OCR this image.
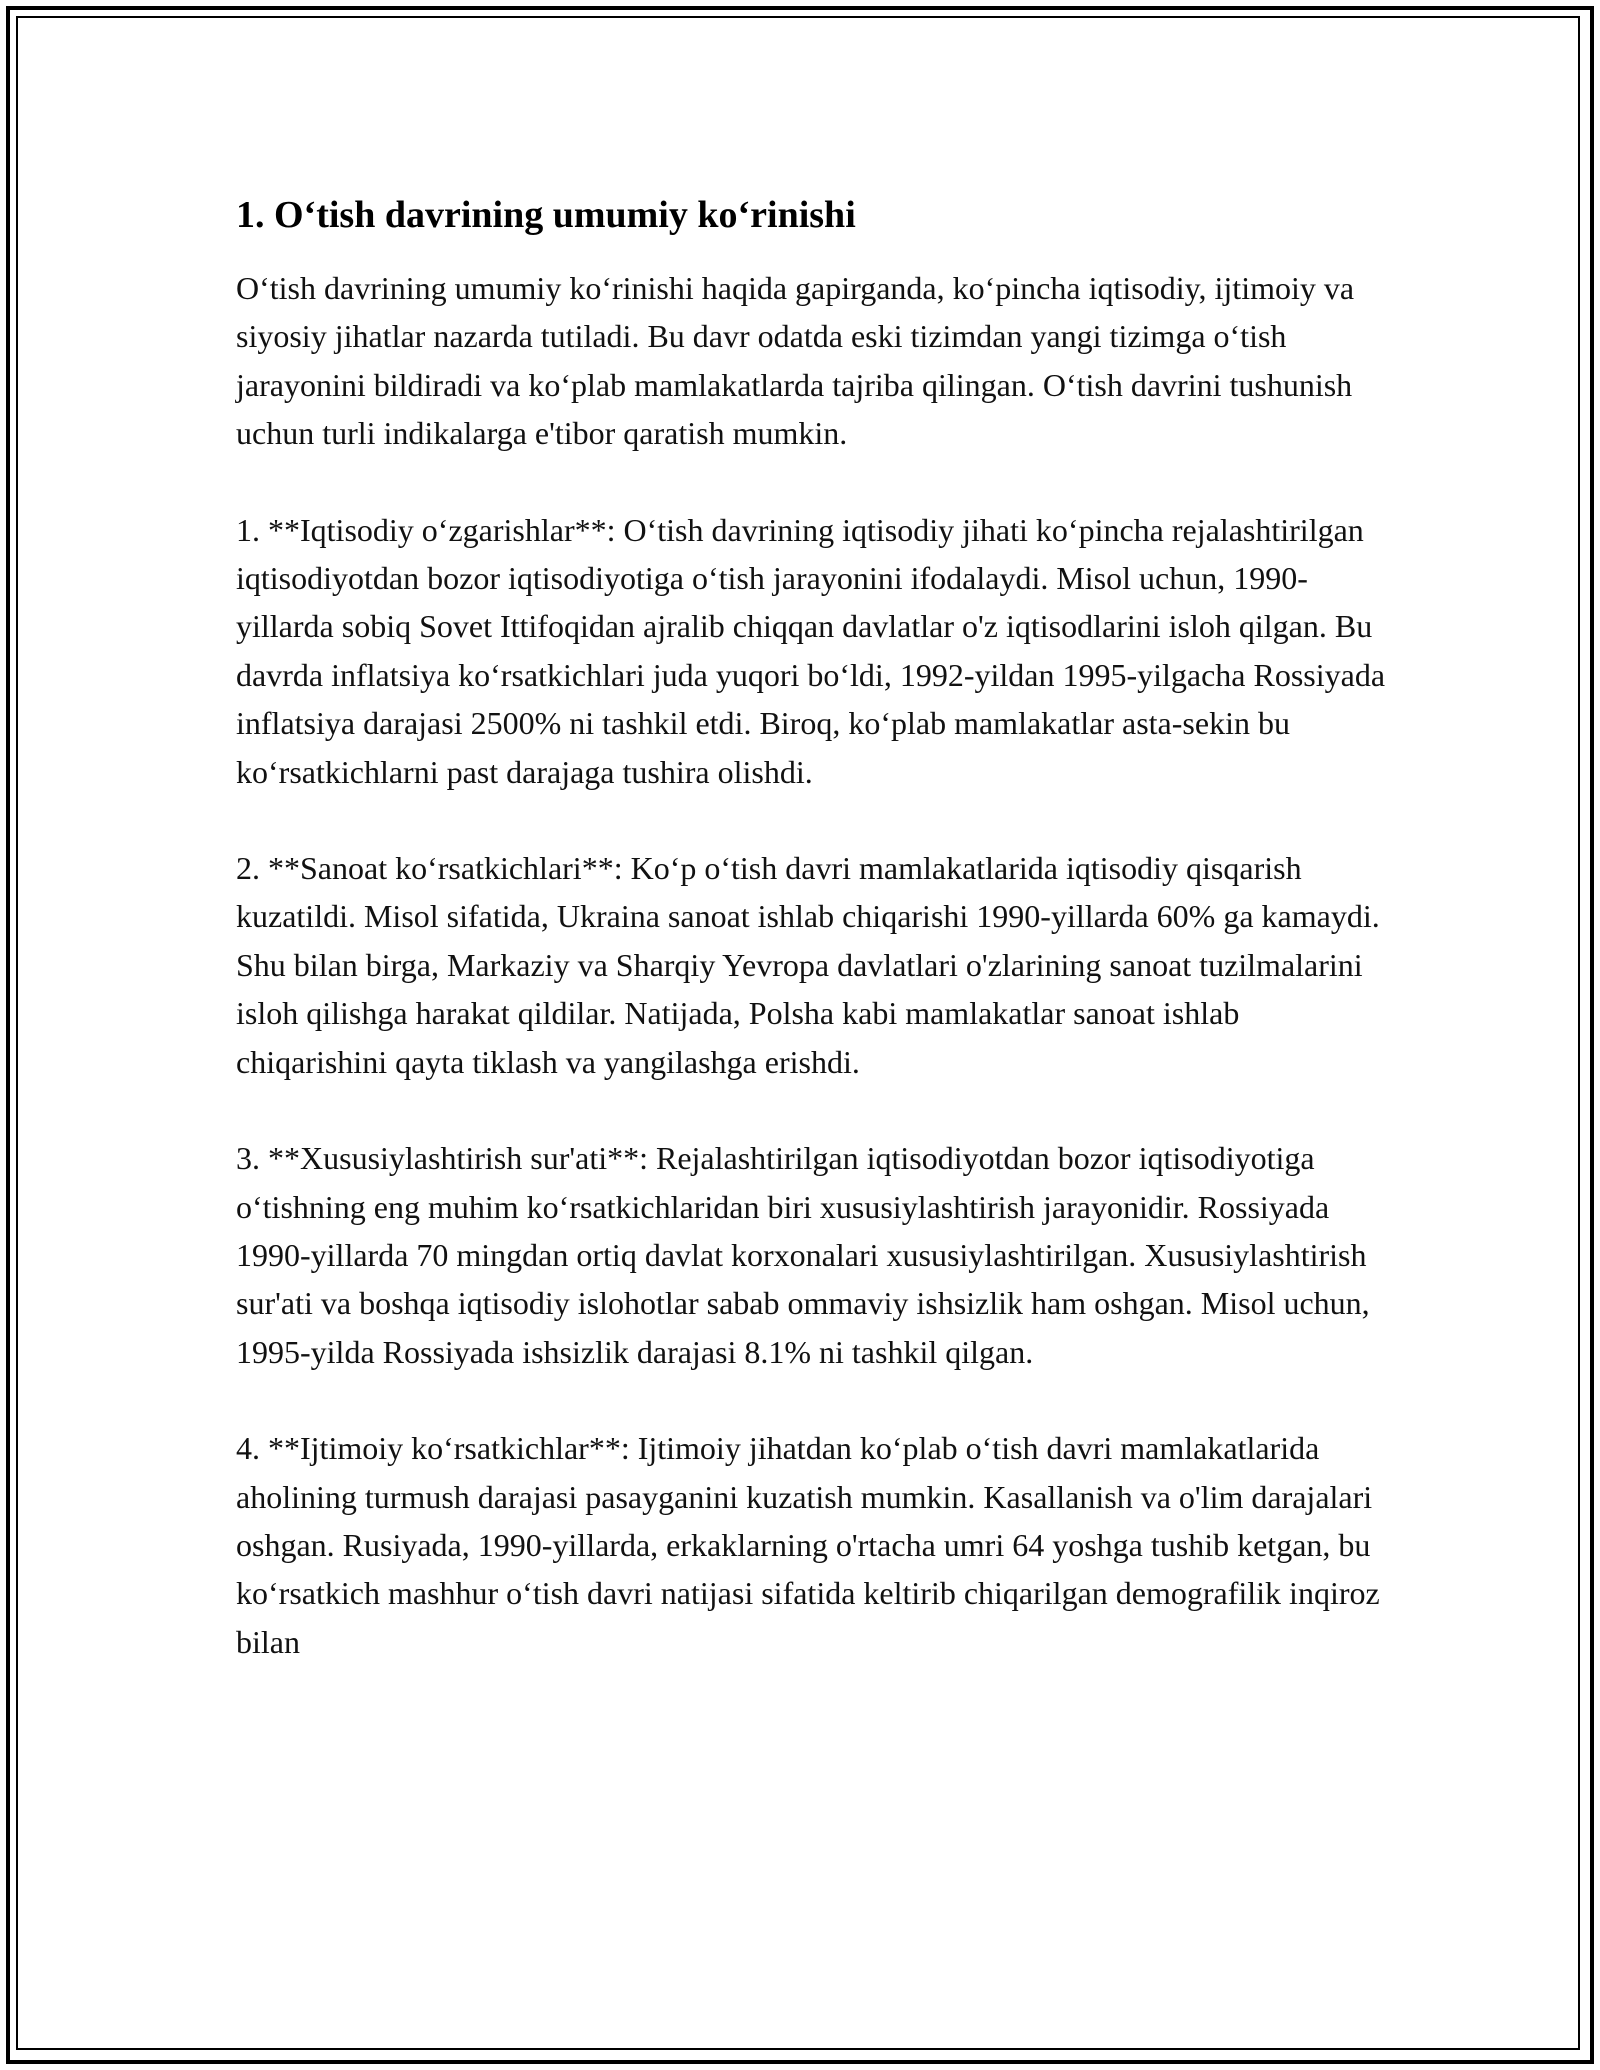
1. O‘tish davrining umumiy ko‘rinishi

O‘tish davrining umumiy ko‘rinishi haqida gapirganda, ko‘pincha iqtisodiy, ijtimoiy va siyosiy jihatlar nazarda tutiladi. Bu davr odatda eski tizimdan yangi tizimga o‘tish jarayonini bildiradi va ko‘plab mamlakatlarda tajriba qilingan. O‘tish davrini tushunish uchun turli indikalarga e'tibor qaratish mumkin.

1. **Iqtisodiy o‘zgarishlar**: O‘tish davrining iqtisodiy jihati ko‘pincha rejalashtirilgan iqtisodiyotdan bozor iqtisodiyotiga o‘tish jarayonini ifodalaydi. Misol uchun, 1990-yillarda sobiq Sovet Ittifoqidan ajralib chiqqan davlatlar o'z iqtisodlarini isloh qilgan. Bu davrda inflatsiya ko‘rsatkichlari juda yuqori bo‘ldi, 1992-yildan 1995-yilgacha Rossiyada inflatsiya darajasi 2500% ni tashkil etdi. Biroq, ko‘plab mamlakatlar asta-sekin bu ko‘rsatkichlarni past darajaga tushira olishdi.

2. **Sanoat ko‘rsatkichlari**: Ko‘p o‘tish davri mamlakatlarida iqtisodiy qisqarish kuzatildi. Misol sifatida, Ukraina sanoat ishlab chiqarishi 1990-yillarda 60% ga kamaydi. Shu bilan birga, Markaziy va Sharqiy Yevropa davlatlari o'zlarining sanoat tuzilmalarini isloh qilishga harakat qildilar. Natijada, Polsha kabi mamlakatlar sanoat ishlab chiqarishini qayta tiklash va yangilashga erishdi.

3. **Xususiylashtirish sur'ati**: Rejalashtirilgan iqtisodiyotdan bozor iqtisodiyotiga o‘tishning eng muhim ko‘rsatkichlaridan biri xususiylashtirish jarayonidir. Rossiyada 1990-yillarda 70 mingdan ortiq davlat korxonalari xususiylashtirilgan. Xususiylashtirish sur'ati va boshqa iqtisodiy islohotlar sabab ommaviy ishsizlik ham oshgan. Misol uchun, 1995-yilda Rossiyada ishsizlik darajasi 8.1% ni tashkil qilgan.

4. **Ijtimoiy ko‘rsatkichlar**: Ijtimoiy jihatdan ko‘plab o‘tish davri mamlakatlarida aholining turmush darajasi pasayganini kuzatish mumkin. Kasallanish va o'lim darajalari oshgan. Rusiyada, 1990-yillarda, erkaklarning o'rtacha umri 64 yoshga tushib ketgan, bu ko‘rsatkich mashhur o‘tish davri natijasi sifatida keltirib chiqarilgan demografilik inqiroz bilan
